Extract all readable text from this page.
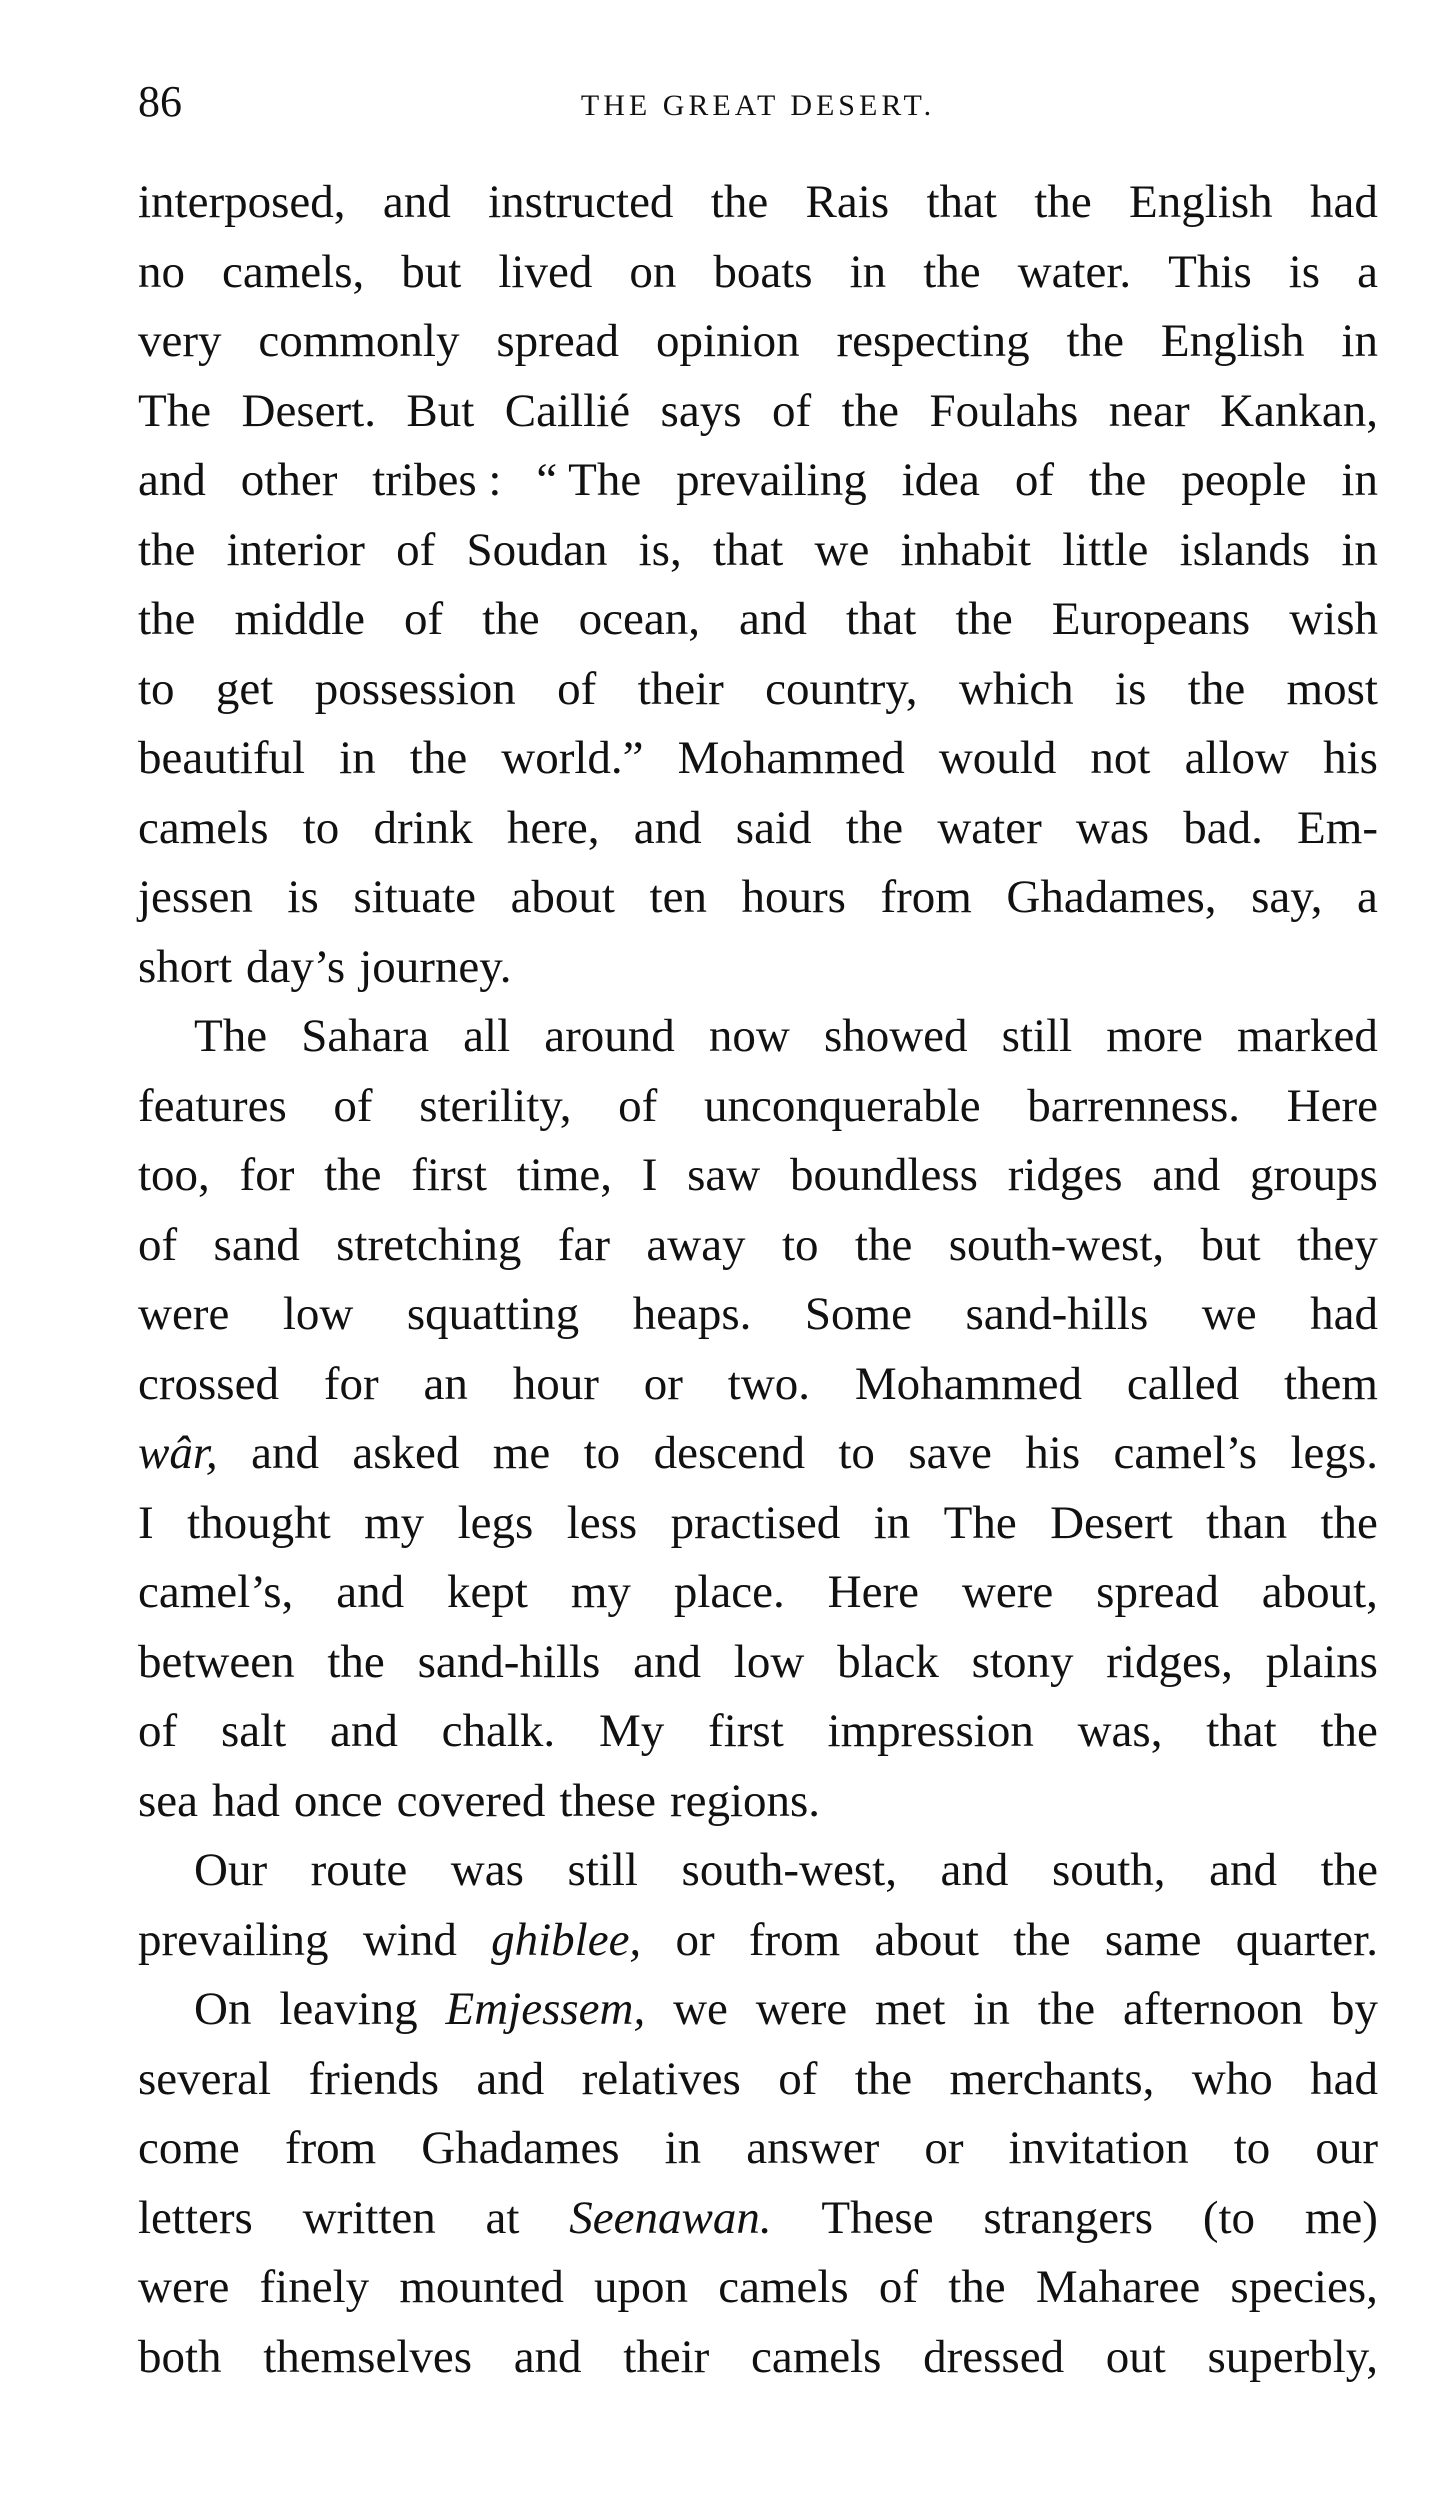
86	THE GREAT DESERT.
interposed, and instructed the Rais that the English had
no camels, but lived on boats in the water. This is a
very commonly spread opinion respecting the English in
The Desert. But Caillié says of the Foulahs near Kankan,
and other tribes : “ The prevailing idea of the people in
the interior of Soudan is, that we inhabit little islands in
the middle of the ocean, and that the Europeans wish
to get possession of their country, which is the most
beautiful in the world.” Mohammed would not allow his
camels to drink here, and said the water was bad. Em-
jessen is situate about ten hours from Ghadames, say, a
short day’s journey.
The Sahara all around now showed still more marked
features of sterility, of unconquerable barrenness. Here
too, for the first time, I saw boundless ridges and groups
of sand stretching far away to the south-west, but they
were low squatting heaps. Some sand-hills we had
crossed for an hour or two. Mohammed called them
wâr, and asked me to descend to save his camel’s legs.
I thought my legs less practised in The Desert than the
camel’s, and kept my place. Here were spread about,
between the sand-hills and low black stony ridges, plains
of salt and chalk. My first impression was, that the
sea had once covered these regions.
Our route was still south-west, and south, and the
prevailing wind ghiblee, or from about the same quarter.
On leaving Emjessem, we were met in the afternoon by
several friends and relatives of the merchants, who had
come from Ghadames in answer or invitation to our
letters written at Seenawan. These strangers (to me)
were finely mounted upon camels of the Maharee species,
both themselves and their camels dressed out superbly,
